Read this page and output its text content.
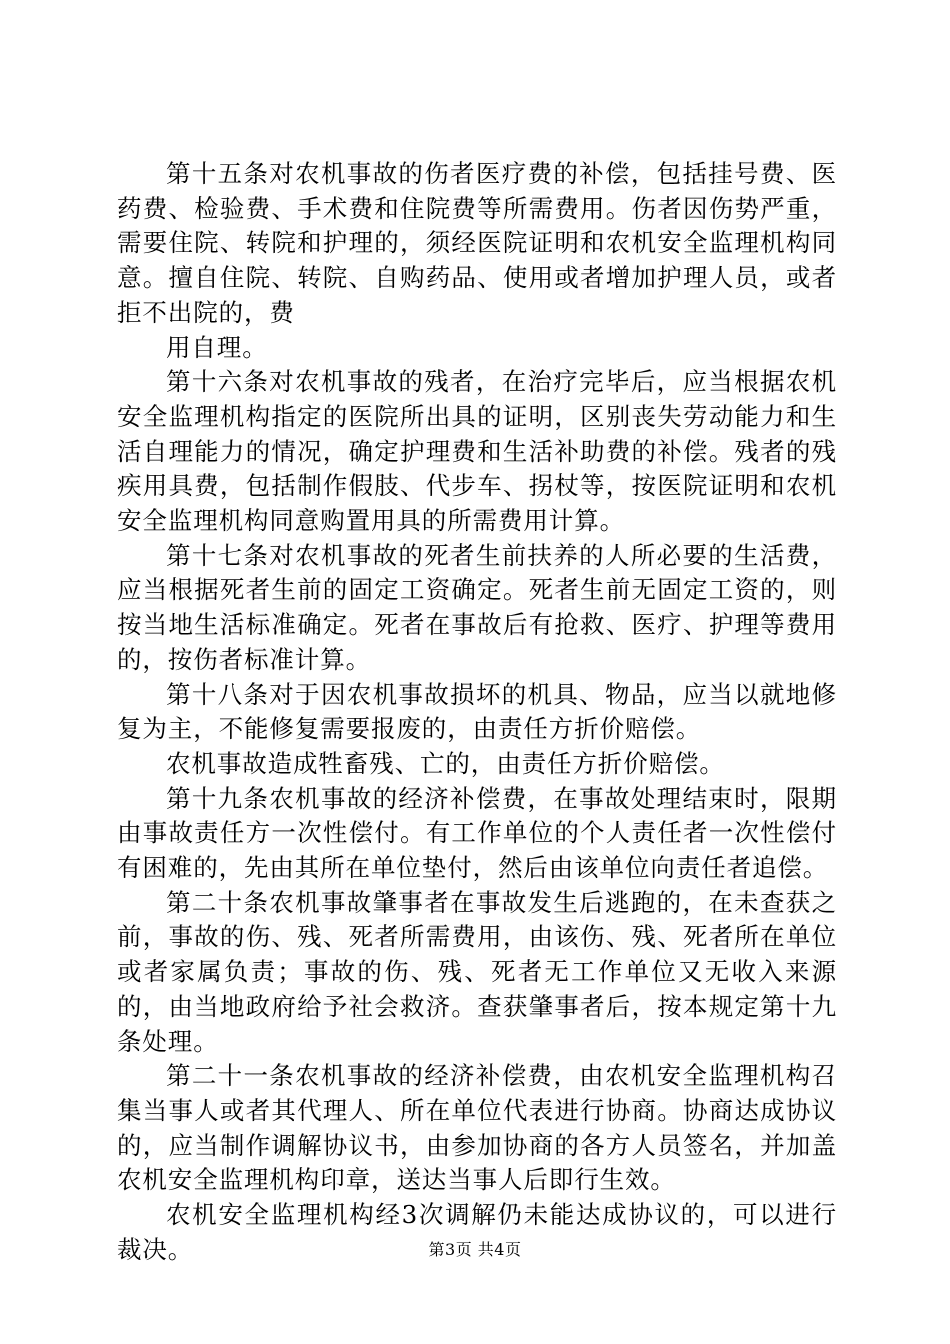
第十五条对农机事故的伤者医疗费的补偿，包括挂号费、医药费、检验费、手术费和住院费等所需费用。伤者因伤势严重，需要住院、转院和护理的，须经医院证明和农机安全监理机构同意。擅自住院、转院、自购药品、使用或者增加护理人员，或者拒不出院的，费

用自理。

第十六条对农机事故的残者，在治疗完毕后，应当根据农机安全监理机构指定的医院所出具的证明，区别丧失劳动能力和生活自理能力的情况，确定护理费和生活补助费的补偿。残者的残疾用具费，包括制作假肢、代步车、拐杖等，按医院证明和农机安全监理机构同意购置用具的所需费用计算。

第十七条对农机事故的死者生前扶养的人所必要的生活费，应当根据死者生前的固定工资确定。死者生前无固定工资的，则按当地生活标准确定。死者在事故后有抢救、医疗、护理等费用的，按伤者标准计算。

第十八条对于因农机事故损坏的机具、物品，应当以就地修复为主，不能修复需要报废的，由责任方折价赔偿。

农机事故造成牲畜残、亡的，由责任方折价赔偿。

第十九条农机事故的经济补偿费，在事故处理结束时，限期由事故责任方一次性偿付。有工作单位的个人责任者一次性偿付有困难的，先由其所在单位垫付，然后由该单位向责任者追偿。

第二十条农机事故肇事者在事故发生后逃跑的，在未查获之前，事故的伤、残、死者所需费用，由该伤、残、死者所在单位或者家属负责；事故的伤、残、死者无工作单位又无收入来源的，由当地政府给予社会救济。查获肇事者后，按本规定第十九条处理。

第二十一条农机事故的经济补偿费，由农机安全监理机构召集当事人或者其代理人、所在单位代表进行协商。协商达成协议的，应当制作调解协议书，由参加协商的各方人员签名，并加盖农机安全监理机构印章，送达当事人后即行生效。

农机安全监理机构经3次调解仍未能达成协议的，可以进行裁决。	第3页 共4页
